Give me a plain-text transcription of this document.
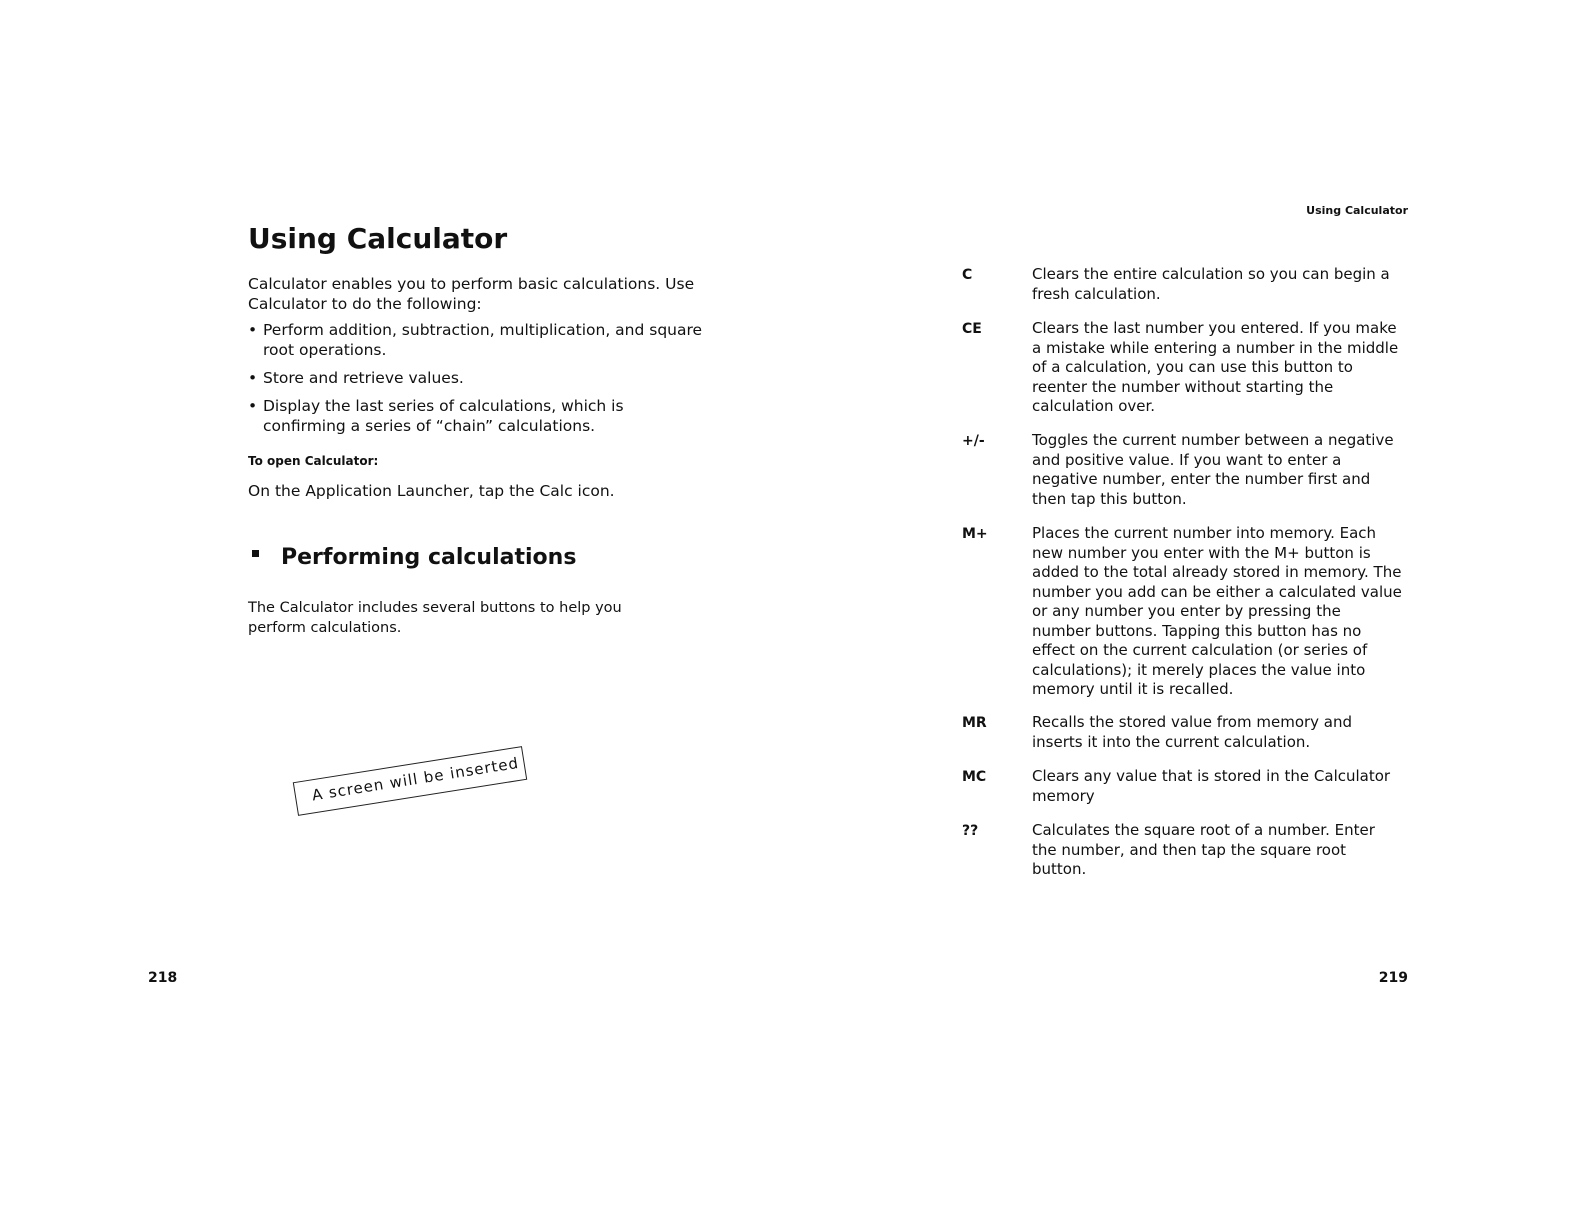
Using Calculator
Calculator enables you to perform basic calculations. Use Calculator to do the following:
• Perform addition, subtraction, multiplication, and square root operations.
• Store and retrieve values.
• Display the last series of calculations, which is confirming a series of “chain” calculations.
To open Calculator:
On the Application Launcher, tap the Calc icon.
Performing calculations
The Calculator includes several buttons to help you perform calculations.
A screen will be inserted
218
Using Calculator
C	Clears the entire calculation so you can begin a fresh calculation.
CE	Clears the last number you entered. If you make a mistake while entering a number in the middle of a calculation, you can use this button to reenter the number without starting the calculation over.
+/-	Toggles the current number between a negative and positive value. If you want to enter a negative number, enter the number first and then tap this button.
M+	Places the current number into memory. Each new number you enter with the M+ button is added to the total already stored in memory. The number you add can be either a calculated value or any number you enter by pressing the number buttons. Tapping this button has no effect on the current calculation (or series of calculations); it merely places the value into memory until it is recalled.
MR	Recalls the stored value from memory and inserts it into the current calculation.
MC	Clears any value that is stored in the Calculator memory
??	Calculates the square root of a number. Enter the number, and then tap the square root button.
219
